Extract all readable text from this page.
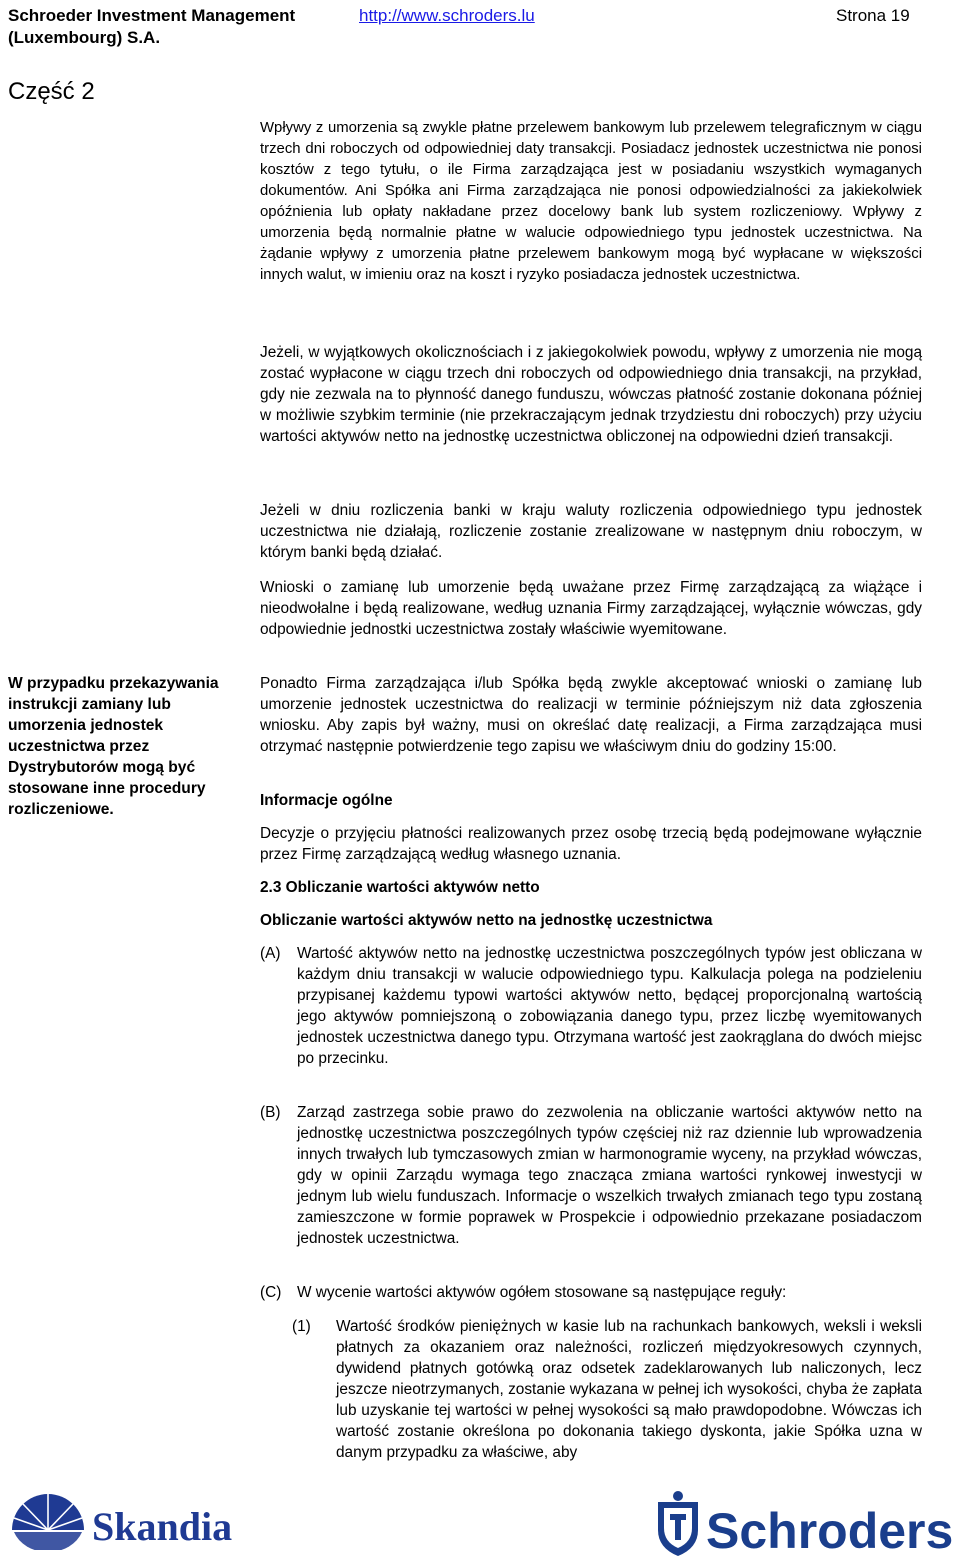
Schroeder Investment Management
(Luxembourg) S.A.
http://www.schroders.lu	Strona 19
Część 2
W przypadku przekazywania instrukcji zamiany lub umorzenia jednostek uczestnictwa przez Dystrybutorów mogą być stosowane inne procedury rozliczeniowe.

Wpływy z umorzenia są zwykle płatne przelewem bankowym lub przelewem telegraficznym w ciągu trzech dni roboczych od odpowiedniej daty transakcji. Posiadacz jednostek uczestnictwa nie ponosi kosztów z tego tytułu, o ile Firma zarządzająca jest w posiadaniu wszystkich wymaganych dokumentów. Ani Spółka ani Firma zarządzająca nie ponosi odpowiedzialności za jakiekolwiek opóźnienia lub opłaty nakładane przez docelowy bank lub system rozliczeniowy. Wpływy z umorzenia będą normalnie płatne w walucie odpowiedniego typu jednostek uczestnictwa. Na żądanie wpływy z umorzenia płatne przelewem bankowym mogą być wypłacane w większości innych walut, w imieniu oraz na koszt i ryzyko posiadacza jednostek uczestnictwa.

Jeżeli, w wyjątkowych okolicznościach i z jakiegokolwiek powodu, wpływy z umorzenia nie mogą zostać wypłacone w ciągu trzech dni roboczych od odpowiedniego dnia transakcji, na przykład, gdy nie zezwala na to płynność danego funduszu, wówczas płatność zostanie dokonana później w możliwie szybkim terminie (nie przekraczającym jednak trzydziestu dni roboczych) przy użyciu wartości aktywów netto na jednostkę uczestnictwa obliczonej na odpowiedni dzień transakcji.

Jeżeli w dniu rozliczenia banki w kraju waluty rozliczenia odpowiedniego typu jednostek uczestnictwa nie działają, rozliczenie zostanie zrealizowane w następnym dniu roboczym, w którym banki będą działać.

Wnioski o zamianę lub umorzenie będą uważane przez Firmę zarządzającą za wiążące i nieodwołalne i będą realizowane, według uznania Firmy zarządzającej, wyłącznie wówczas, gdy odpowiednie jednostki uczestnictwa zostały właściwie wyemitowane.

Ponadto Firma zarządzająca i/lub Spółka będą zwykle akceptować wnioski o zamianę lub umorzenie jednostek uczestnictwa do realizacji w terminie późniejszym niż data zgłoszenia wniosku. Aby zapis był ważny, musi on określać datę realizacji, a Firma zarządzająca musi otrzymać następnie potwierdzenie tego zapisu we właściwym dniu do godziny 15:00.

Informacje ogólne

Decyzje o przyjęciu płatności realizowanych przez osobę trzecią będą podejmowane wyłącznie przez Firmę zarządzającą według własnego uznania.

2.3 Obliczanie wartości aktywów netto
Obliczanie wartości aktywów netto na jednostkę uczestnictwa
(A) Wartość aktywów netto na jednostkę uczestnictwa poszczególnych typów jest obliczana w każdym dniu transakcji w walucie odpowiedniego typu. Kalkulacja polega na podzieleniu przypisanej każdemu typowi wartości aktywów netto, będącej proporcjonalną wartością jego aktywów pomniejszoną o zobowiązania danego typu, przez liczbę wyemitowanych jednostek uczestnictwa danego typu. Otrzymana wartość jest zaokrąglana do dwóch miejsc po przecinku.
(B) Zarząd zastrzega sobie prawo do zezwolenia na obliczanie wartości aktywów netto na jednostkę uczestnictwa poszczególnych typów częściej niż raz dziennie lub wprowadzenia innych trwałych lub tymczasowych zmian w harmonogramie wyceny, na przykład wówczas, gdy w opinii Zarządu wymaga tego znacząca zmiana wartości rynkowej inwestycji w jednym lub wielu funduszach. Informacje o wszelkich trwałych zmianach tego typu zostaną zamieszczone w formie poprawek w Prospekcie i odpowiednio przekazane posiadaczom jednostek uczestnictwa.
(C) W wycenie wartości aktywów ogółem stosowane są następujące reguły:
(1) Wartość środków pieniężnych w kasie lub na rachunkach bankowych, weksli i weksli płatnych za okazaniem oraz należności, rozliczeń międzyokresowych czynnych, dywidend płatnych gotówką oraz odsetek zadeklarowanych lub naliczonych, lecz jeszcze nieotrzymanych, zostanie wykazana w pełnej ich wysokości, chyba że zapłata lub uzyskanie tej wartości w pełnej wysokości są mało prawdopodobne. Wówczas ich wartość zostanie określona po dokonania takiego dyskonta, jakie Spółka uzna w danym przypadku za właściwe, aby
Skandia	Schroders
